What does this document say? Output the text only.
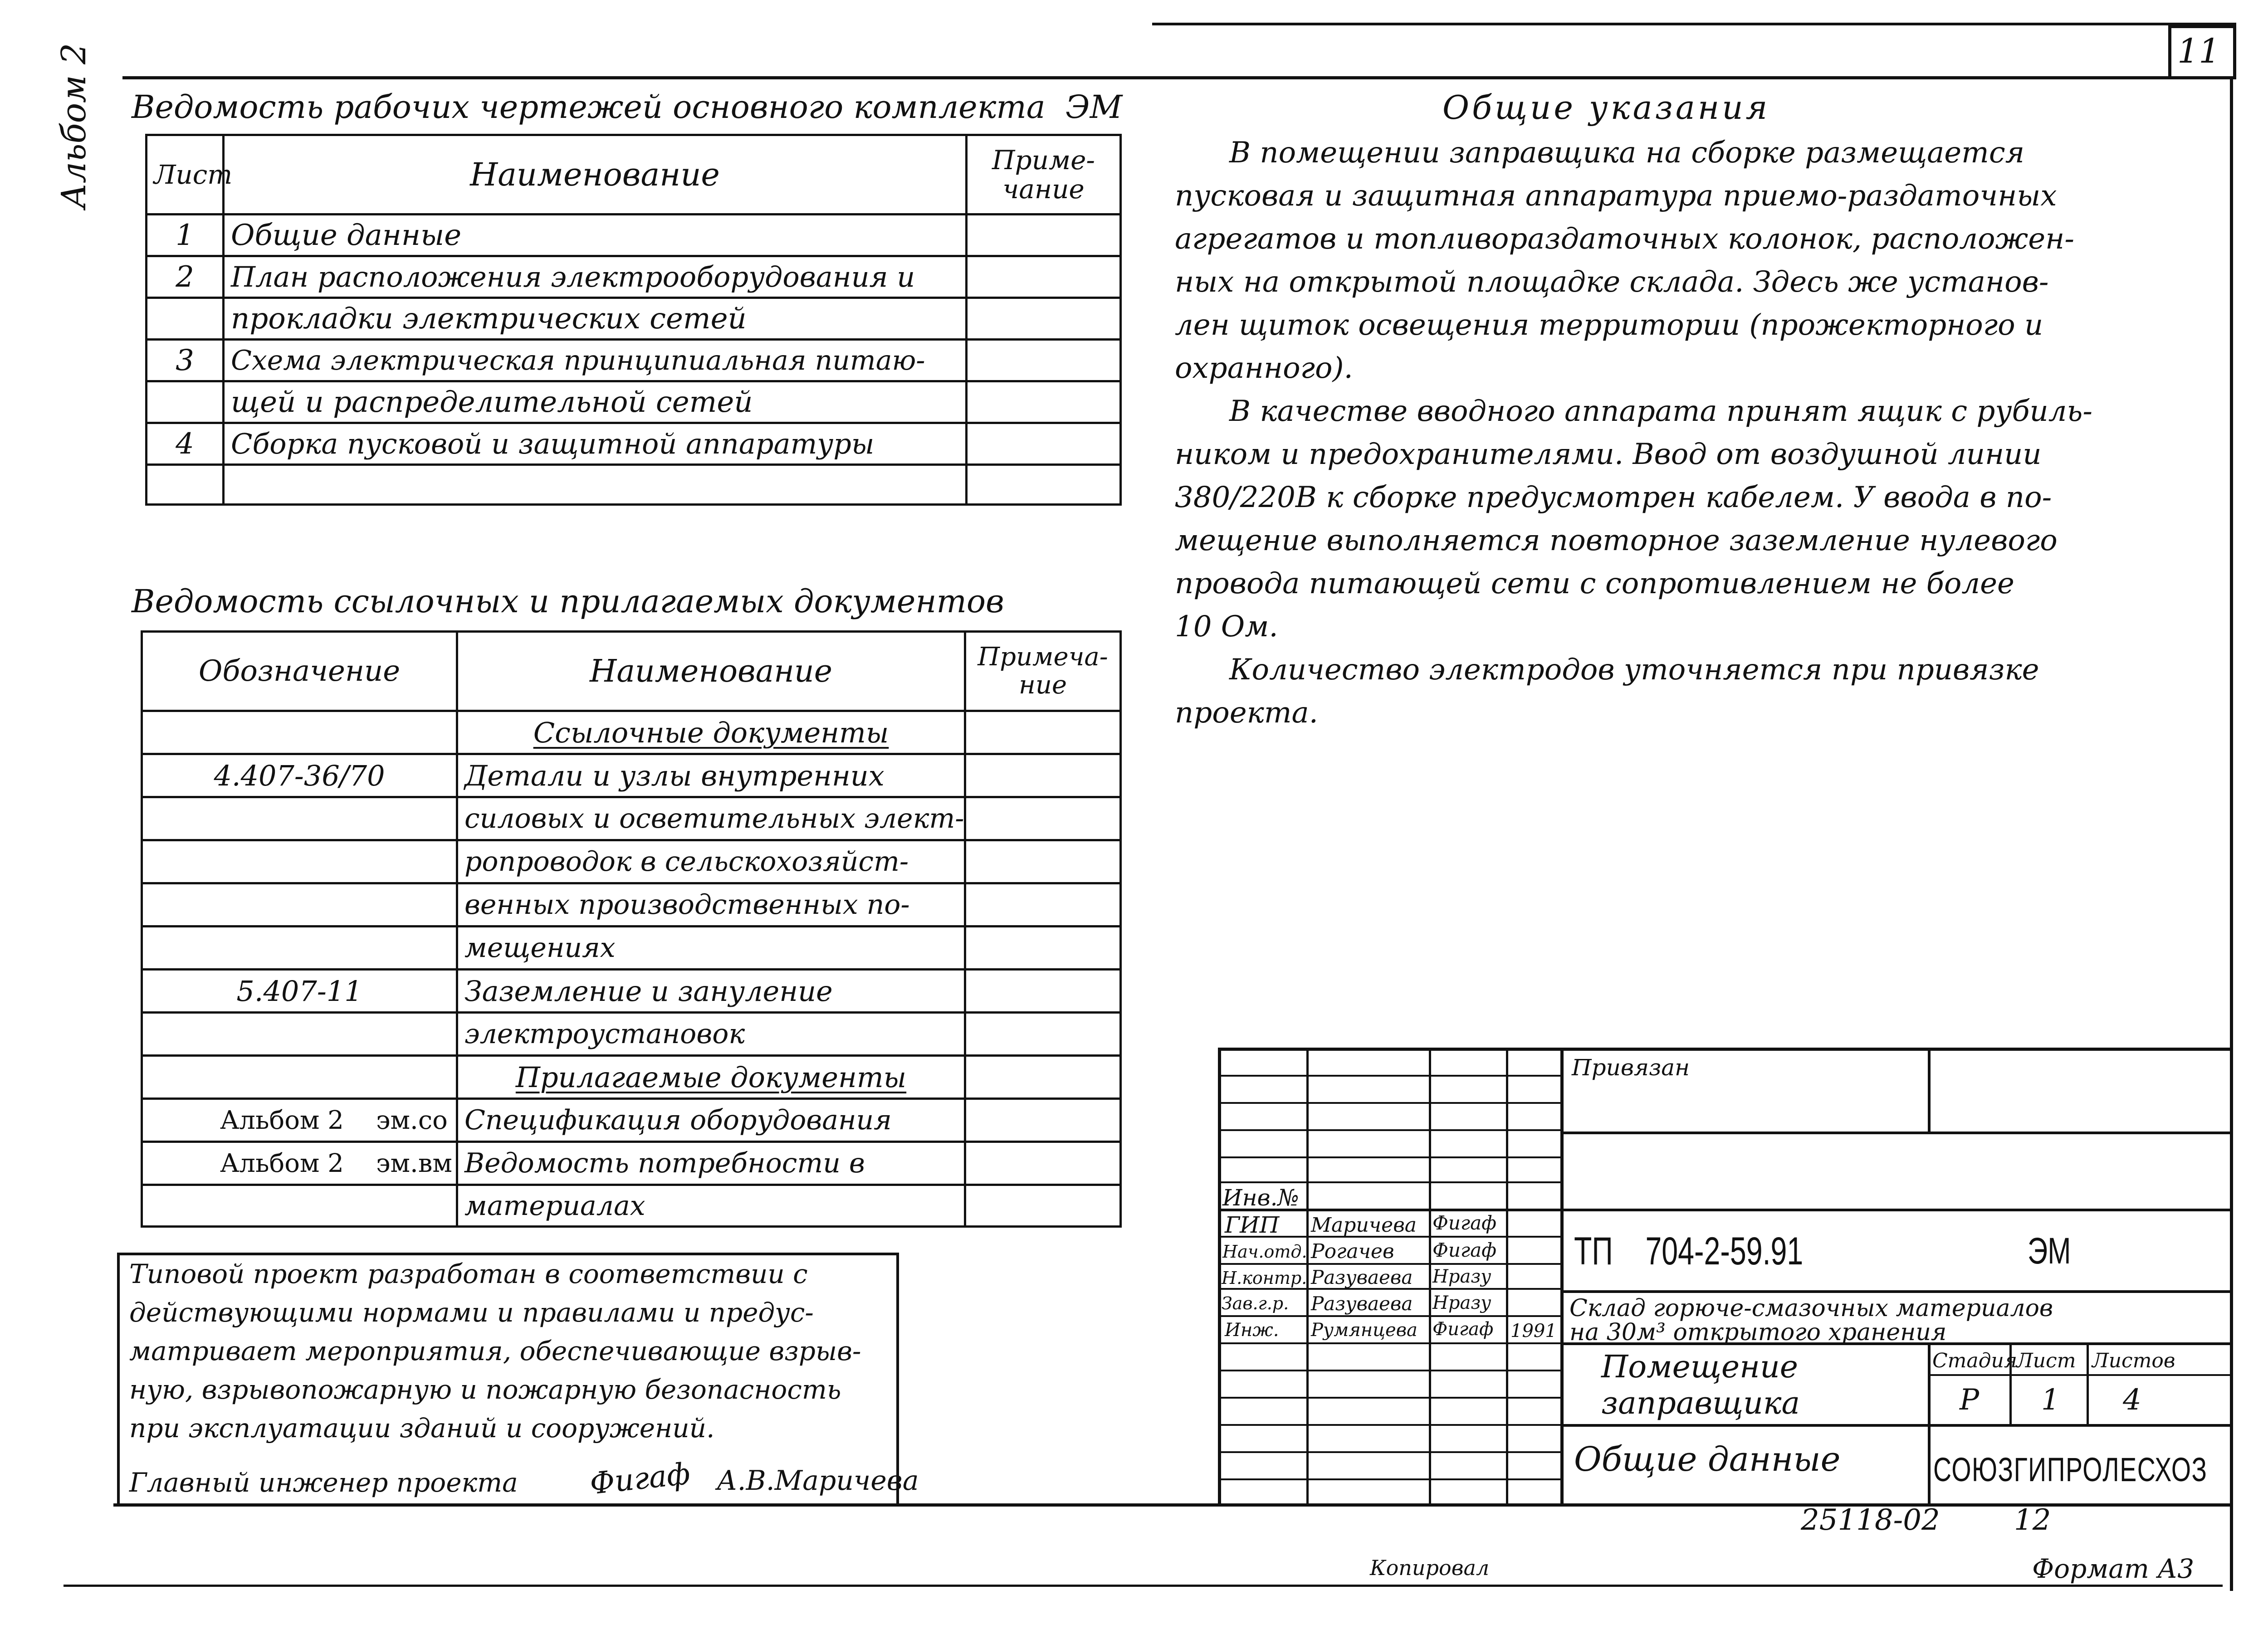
11
Альбом 2 Ведомость рабочих чертежей основного комплекта  ЭМ
Лист	Наименование	Приме-
чание
1	Общие данные	
2	План расположения электрооборудования и	
	прокладки электрических сетей	
3	Схема электрическая принципиальная питаю-	
	щей и распределительной сетей	
4	Сборка пусковой и защитной аппаратуры	

Ведомость ссылочных и прилагаемых документов
Обозначение	Наименование	Примеча-
ние
	Ссылочные документы	
4.407-36/70	Детали и узлы внутренних	
	силовых и осветительных элект-	
	ропроводок в сельскохозяйст-	
	венных производственных по-	
	мещениях	
5.407-11	Заземление и зануление	
	электроустановок	
	Прилагаемые документы	
Альбом 2    эм.со	Спецификация оборудования	
Альбом 2    эм.вм	Ведомость потребности в	
	материалах	
Общие указания
В помещении заправщика на сборке размещается
пусковая и защитная аппаратура приемо-раздаточных
агрегатов и топливораздаточных колонок, расположен-
ных на открытой площадке склада. Здесь же установ-
лен щиток освещения территории (прожекторного и
охранного).
В качестве вводного аппарата принят ящик с рубиль-
ником и предохранителями. Ввод от воздушной линии
380/220В к сборке предусмотрен кабелем. У ввода в по-
мещение выполняется повторное заземление нулевого
провода питающей сети с сопротивлением не более
10 Ом.
Количество электродов уточняется при привязке
проекта.
Типовой проект разработан в соответствии с
действующими нормами и правилами и предус-
матривает мероприятия, обеспечивающие взрыв-
ную, взрывопожарную и пожарную безопасность
при эксплуатации зданий и сооружений.
Главный инженер проекта Фигаф А.В.Маричева
Привязан
Инв.№
ГИП Маричева Фигаф
Нач.отд. Рогачев Фигаф
Н.контр. Разуваева Hразу
Зав.г.р. Разуваева Hразу
Инж. Румянцева Фигаф 1991
ТП    704-2-59.91	ЭМ
Склад горюче-смазочных материалов
на 30м³ открытого хранения
Помещение
заправщика
Стадия
Лист Листов
Р 1 4
Общие данные	СОЮЗГИПРОЛЕСХОЗ
25118-02	12
Копировал	Формат А3
